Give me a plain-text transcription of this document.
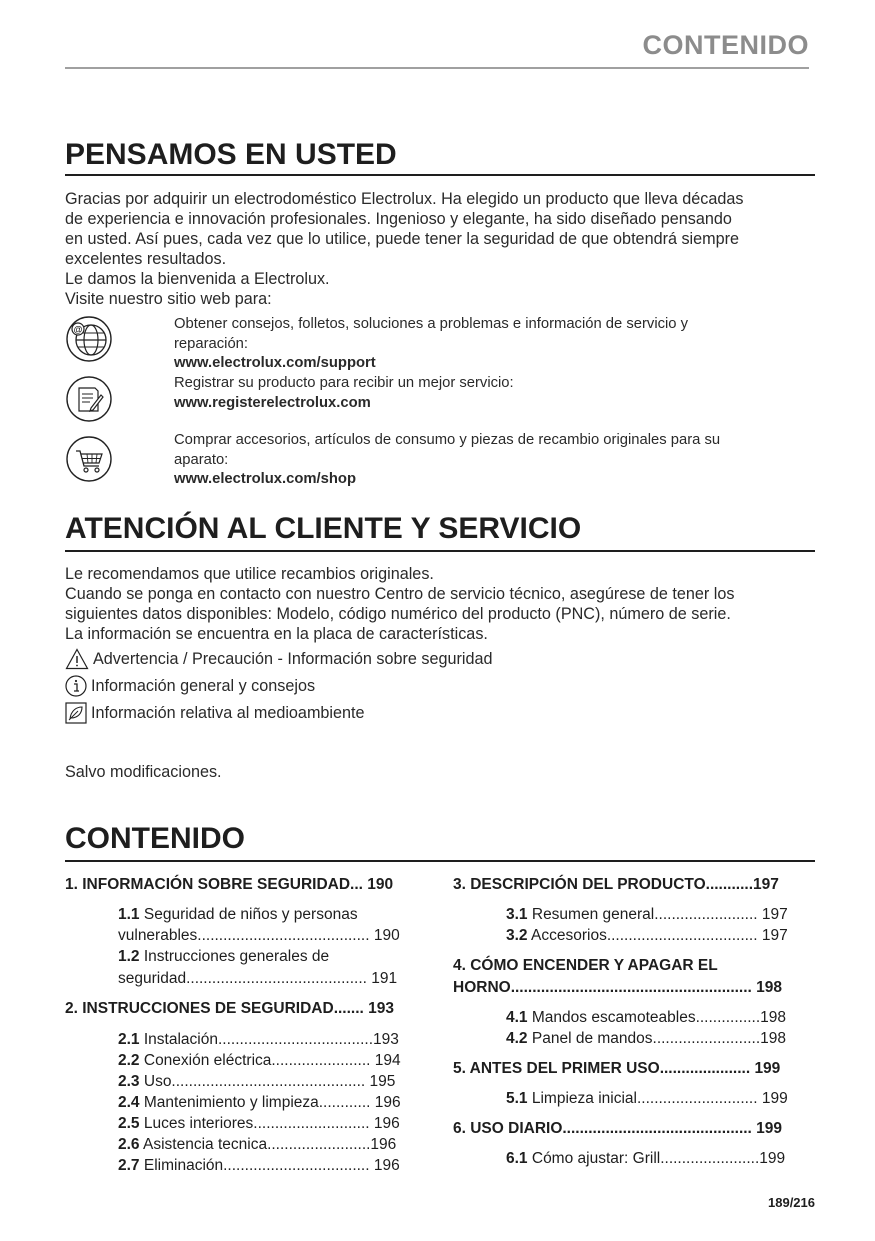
CONTENIDO
PENSAMOS EN USTED
Gracias por adquirir un electrodoméstico Electrolux. Ha elegido un producto que lleva décadas
de experiencia e innovación profesionales. Ingenioso y elegante, ha sido diseñado pensando
en usted. Así pues, cada vez que lo utilice, puede tener la seguridad de que obtendrá siempre
excelentes resultados.
Le damos la bienvenida a Electrolux.
Visite nuestro sitio web para:
@	Obtener consejos, folletos, soluciones a problemas e información de servicio y
reparación:
www.electrolux.com/support
Registrar su producto para recibir un mejor servicio:
www.registerelectrolux.com
Comprar accesorios, artículos de consumo y piezas de recambio originales para su
aparato:
www.electrolux.com/shop
ATENCIÓN AL CLIENTE Y SERVICIO
Le recomendamos que utilice recambios originales.
Cuando se ponga en contacto con nuestro Centro de servicio técnico, asegúrese de tener los
siguientes datos disponibles: Modelo, código numérico del producto (PNC), número de serie.
La información se encuentra en la placa de características.
Advertencia / Precaución - Información sobre seguridad
Información general y consejos
Información relativa al medioambiente
Salvo modificaciones.
CONTENIDO
1. INFORMACIÓN SOBRE SEGURIDAD... 190
1.1 Seguridad de niños y personas
vulnerables........................................ 190
1.2 Instrucciones generales de
seguridad.......................................... 191
2. INSTRUCCIONES DE SEGURIDAD....... 193
2.1 Instalación....................................193
2.2 Conexión eléctrica....................... 194
2.3 Uso............................................. 195
2.4 Mantenimiento y limpieza............ 196
2.5 Luces interiores........................... 196
2.6 Asistencia tecnica........................196
2.7 Eliminación.................................. 196
3. DESCRIPCIÓN DEL PRODUCTO...........197
3.1 Resumen general........................ 197
3.2 Accesorios................................... 197
4. CÓMO ENCENDER Y APAGAR EL
HORNO........................................................ 198
4.1 Mandos escamoteables...............198
4.2 Panel de mandos.........................198
5. ANTES DEL PRIMER USO..................... 199
5.1 Limpieza inicial............................ 199
6. USO DIARIO............................................ 199
6.1 Cómo ajustar: Grill.......................199
189/216
